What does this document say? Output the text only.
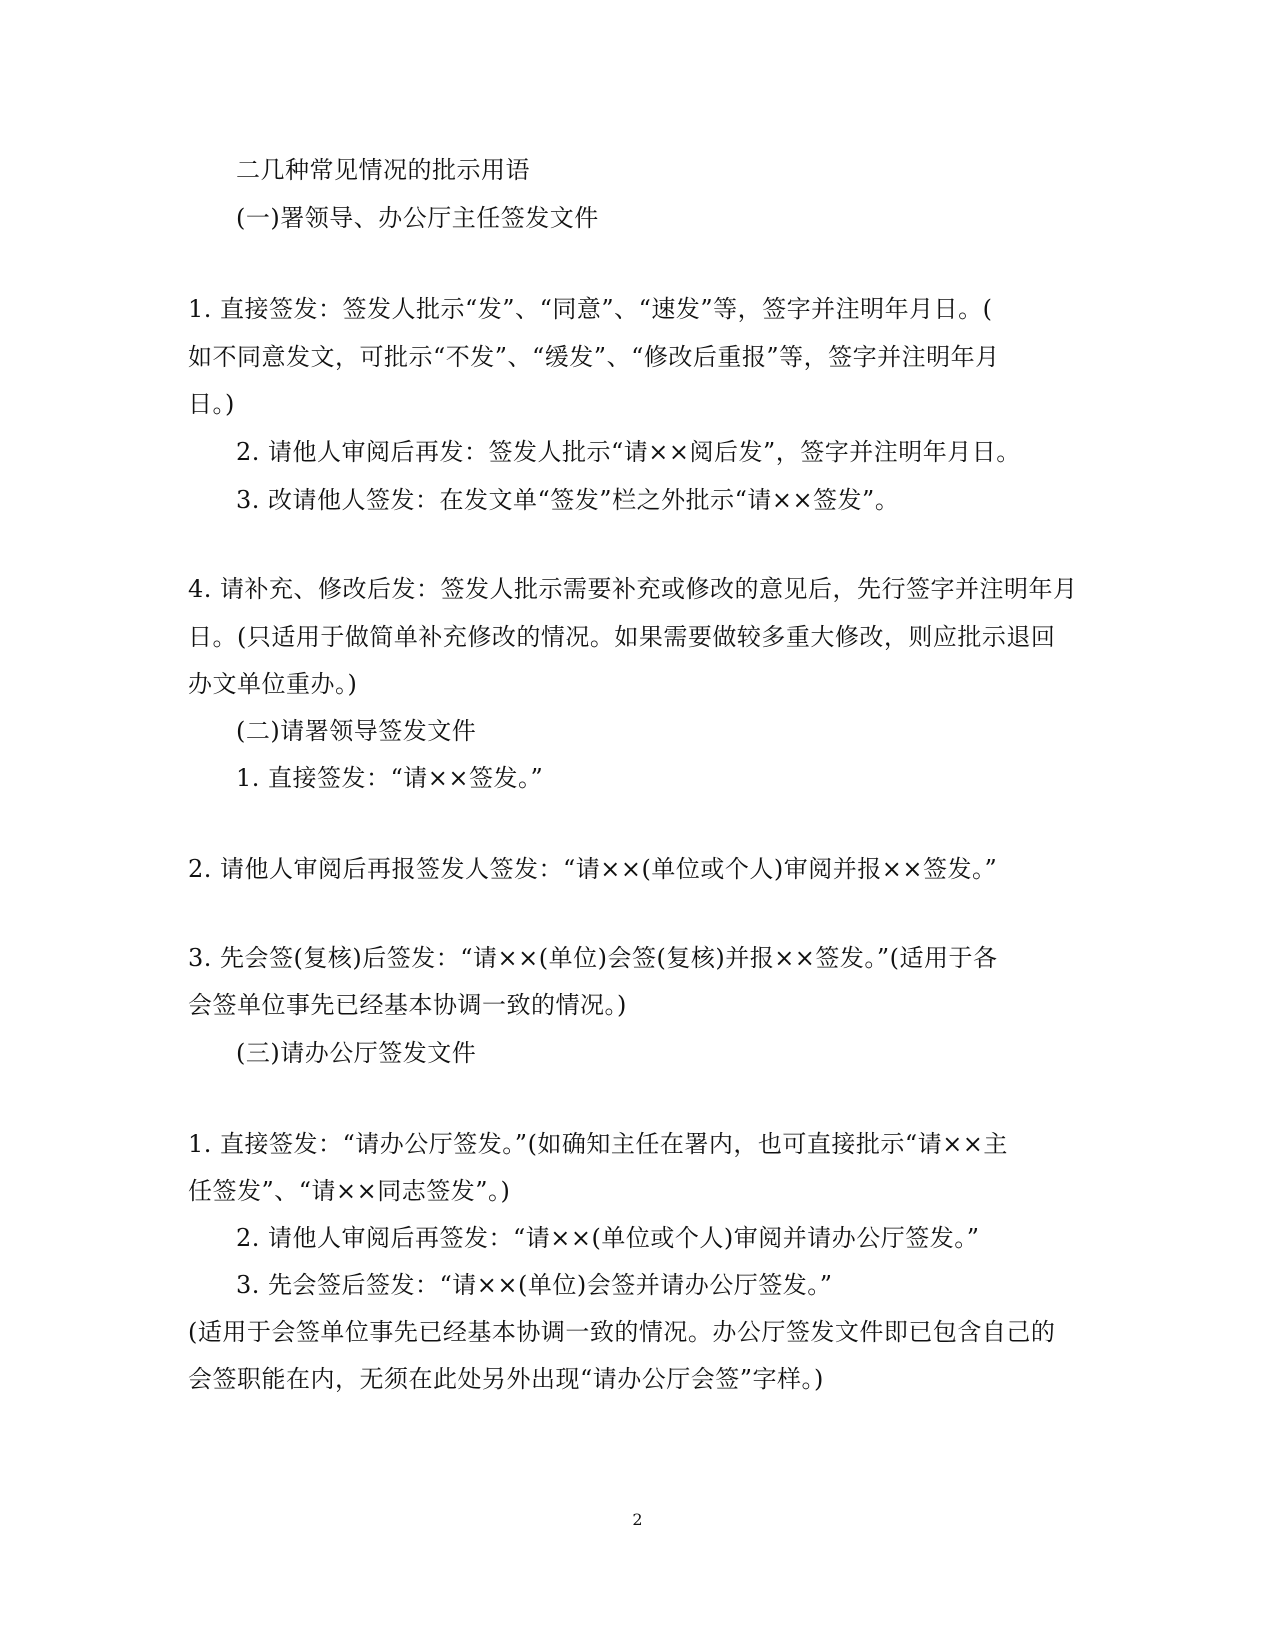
二几种常见情况的批示用语
(一)署领导、办公厅主任签发文件
1. 直接签发：签发人批示“发”、“同意”、“速发”等，签字并注明年月日。(
如不同意发文，可批示“不发”、“缓发”、“修改后重报”等，签字并注明年月
日。)
2. 请他人审阅后再发：签发人批示“请××阅后发”，签字并注明年月日。
3. 改请他人签发：在发文单“签发”栏之外批示“请××签发”。
4. 请补充、修改后发：签发人批示需要补充或修改的意见后，先行签字并注明年月
日。(只适用于做简单补充修改的情况。如果需要做较多重大修改，则应批示退回
办文单位重办。)
(二)请署领导签发文件
1. 直接签发：“请××签发。”
2. 请他人审阅后再报签发人签发：“请××(单位或个人)审阅并报××签发。”
3. 先会签(复核)后签发：“请××(单位)会签(复核)并报××签发。”(适用于各
会签单位事先已经基本协调一致的情况。)
(三)请办公厅签发文件
1. 直接签发：“请办公厅签发。”(如确知主任在署内，也可直接批示“请××主
任签发”、“请××同志签发”。)
2. 请他人审阅后再签发：“请××(单位或个人)审阅并请办公厅签发。”
3. 先会签后签发：“请××(单位)会签并请办公厅签发。”
(适用于会签单位事先已经基本协调一致的情况。办公厅签发文件即已包含自己的
会签职能在内，无须在此处另外出现“请办公厅会签”字样。)
2
